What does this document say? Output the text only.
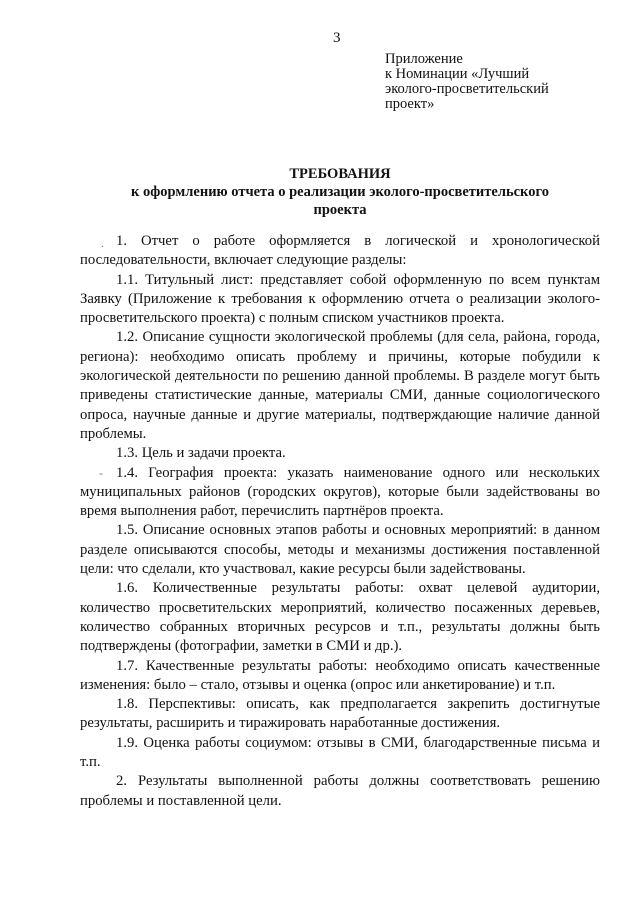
.
-

3

Приложение
к Номинации «Лучший
эколого-просветительский
проект»
ТРЕБОВАНИЯ
к оформлению отчета о реализации эколого-просветительского
проекта

1. Отчет о работе оформляется в логической и хронологической последовательности, включает следующие разделы:

1.1. Титульный лист: представляет собой оформленную по всем пунктам Заявку (Приложение к требования к оформлению отчета о реализации эколого-просветительского проекта) с полным списком участников проекта.

1.2. Описание сущности экологической проблемы (для села, района, города, региона): необходимо описать проблему и причины, которые побудили к экологической деятельности по решению данной проблемы. В разделе могут быть приведены статистические данные, материалы СМИ, данные социологического опроса, научные данные и другие материалы, подтверждающие наличие данной проблемы.

1.3. Цель и задачи проекта.

1.4. География проекта: указать наименование одного или нескольких муниципальных районов (городских округов), которые были задействованы во время выполнения работ, перечислить партнёров проекта.

1.5. Описание основных этапов работы и основных мероприятий: в данном разделе описываются способы, методы и механизмы достижения поставленной цели: что сделали, кто участвовал, какие ресурсы были задействованы.

1.6. Количественные результаты работы: охват целевой аудитории, количество просветительских мероприятий, количество посаженных деревьев, количество собранных вторичных ресурсов и т.п., результаты должны быть подтверждены (фотографии, заметки в СМИ и др.).

1.7. Качественные результаты работы: необходимо описать качественные изменения: было – стало, отзывы и оценка (опрос или анкетирование) и т.п.

1.8. Перспективы: описать, как предполагается закрепить достигнутые результаты, расширить и тиражировать наработанные достижения.

1.9. Оценка работы социумом: отзывы в СМИ, благодарственные письма и т.п.

2. Результаты выполненной работы должны соответствовать решению проблемы и поставленной цели.
